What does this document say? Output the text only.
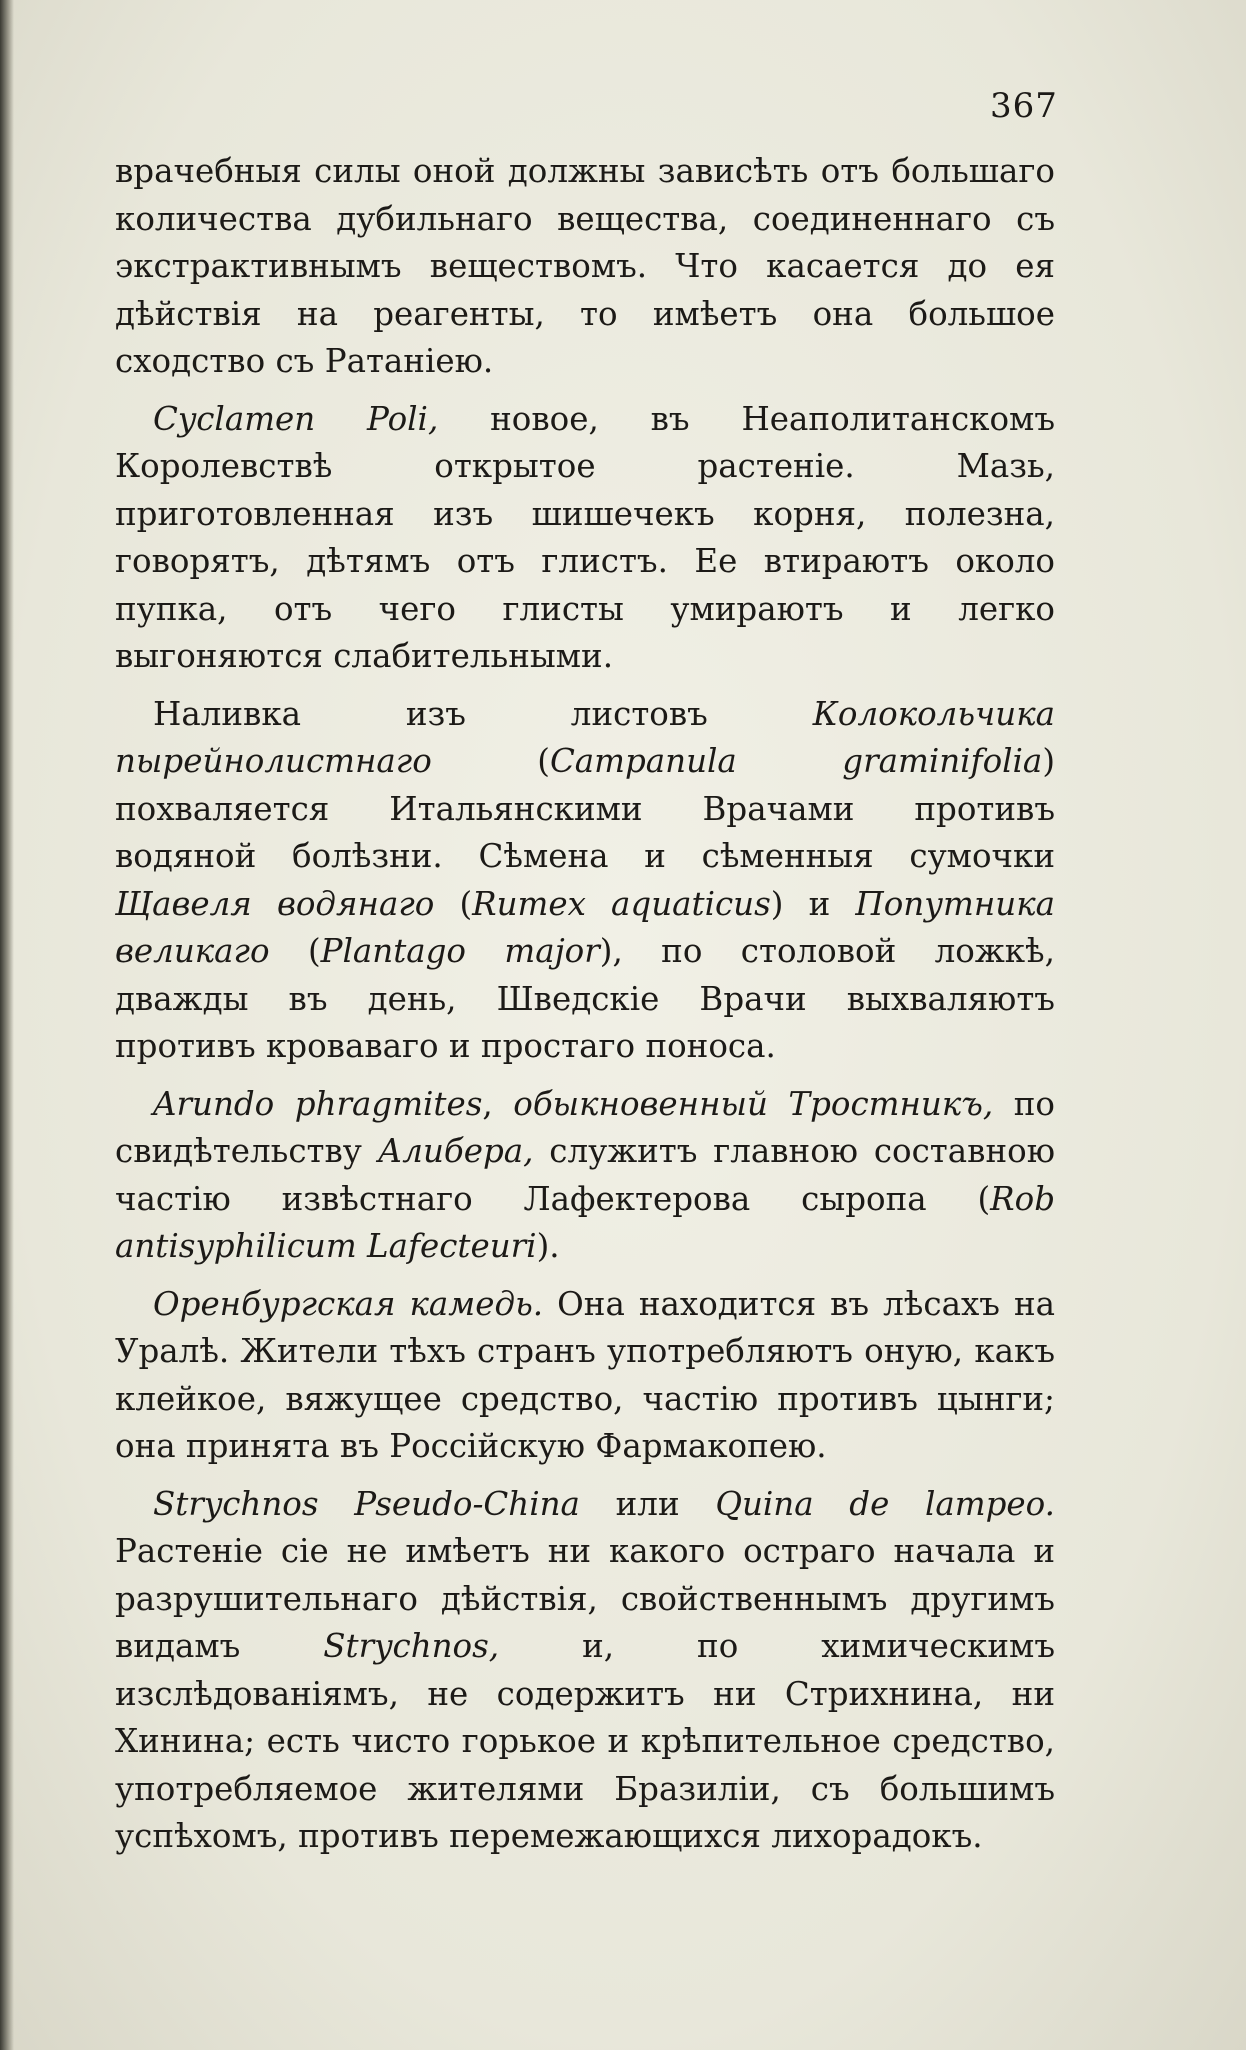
367

врачебныя силы оной должны зависѣть отъ большаго количества дубильнаго вещества, соединеннаго съ экстрактивнымъ веществомъ. Что касается до ея дѣйствія на реагенты, то имѣетъ она большое сходство съ Ратаніею.

Cyclamen Poli, новое, въ Неаполитанскомъ Королевствѣ открытое растеніе. Мазь, приготовленная изъ шишечекъ корня, полезна, говорятъ, дѣтямъ отъ глистъ. Ее втираютъ около пупка, отъ чего глисты умираютъ и легко выгоняются слабительными.

Наливка изъ листовъ Колокольчика пырейнолистнаго (Campanula graminifolia) похваляется Итальянскими Врачами противъ водяной болѣзни. Сѣмена и сѣменныя сумочки Щавеля водянаго (Rumex aquaticus) и Попутника великаго (Plantago major), по столовой ложкѣ, дважды въ день, Шведскіе Врачи выхваляютъ противъ кроваваго и простаго поноса.

Arundo phragmites, обыкновенный Тростникъ, по свидѣтельству Алибера, служитъ главною составною частію извѣстнаго Лафектерова сыропа (Rob antisyphilicum Lafecteuri).

Оренбургская камедь. Она находится въ лѣсахъ на Уралѣ. Жители тѣхъ странъ употребляютъ оную, какъ клейкое, вяжущее средство, частію противъ цынги; она принята въ Россійскую Фармакопею.

Strychnos Pseudo-China или Quina de lampeo. Растеніе сіе не имѣетъ ни какого остраго начала и разрушительнаго дѣйствія, свойственнымъ другимъ видамъ Strychnos, и, по химическимъ изслѣдованіямъ, не содержитъ ни Стрихнина, ни Хинина; есть чисто горькое и крѣпительное средство, употребляемое жителями Бразиліи, съ большимъ успѣхомъ, противъ перемежающихся лихорадокъ.
